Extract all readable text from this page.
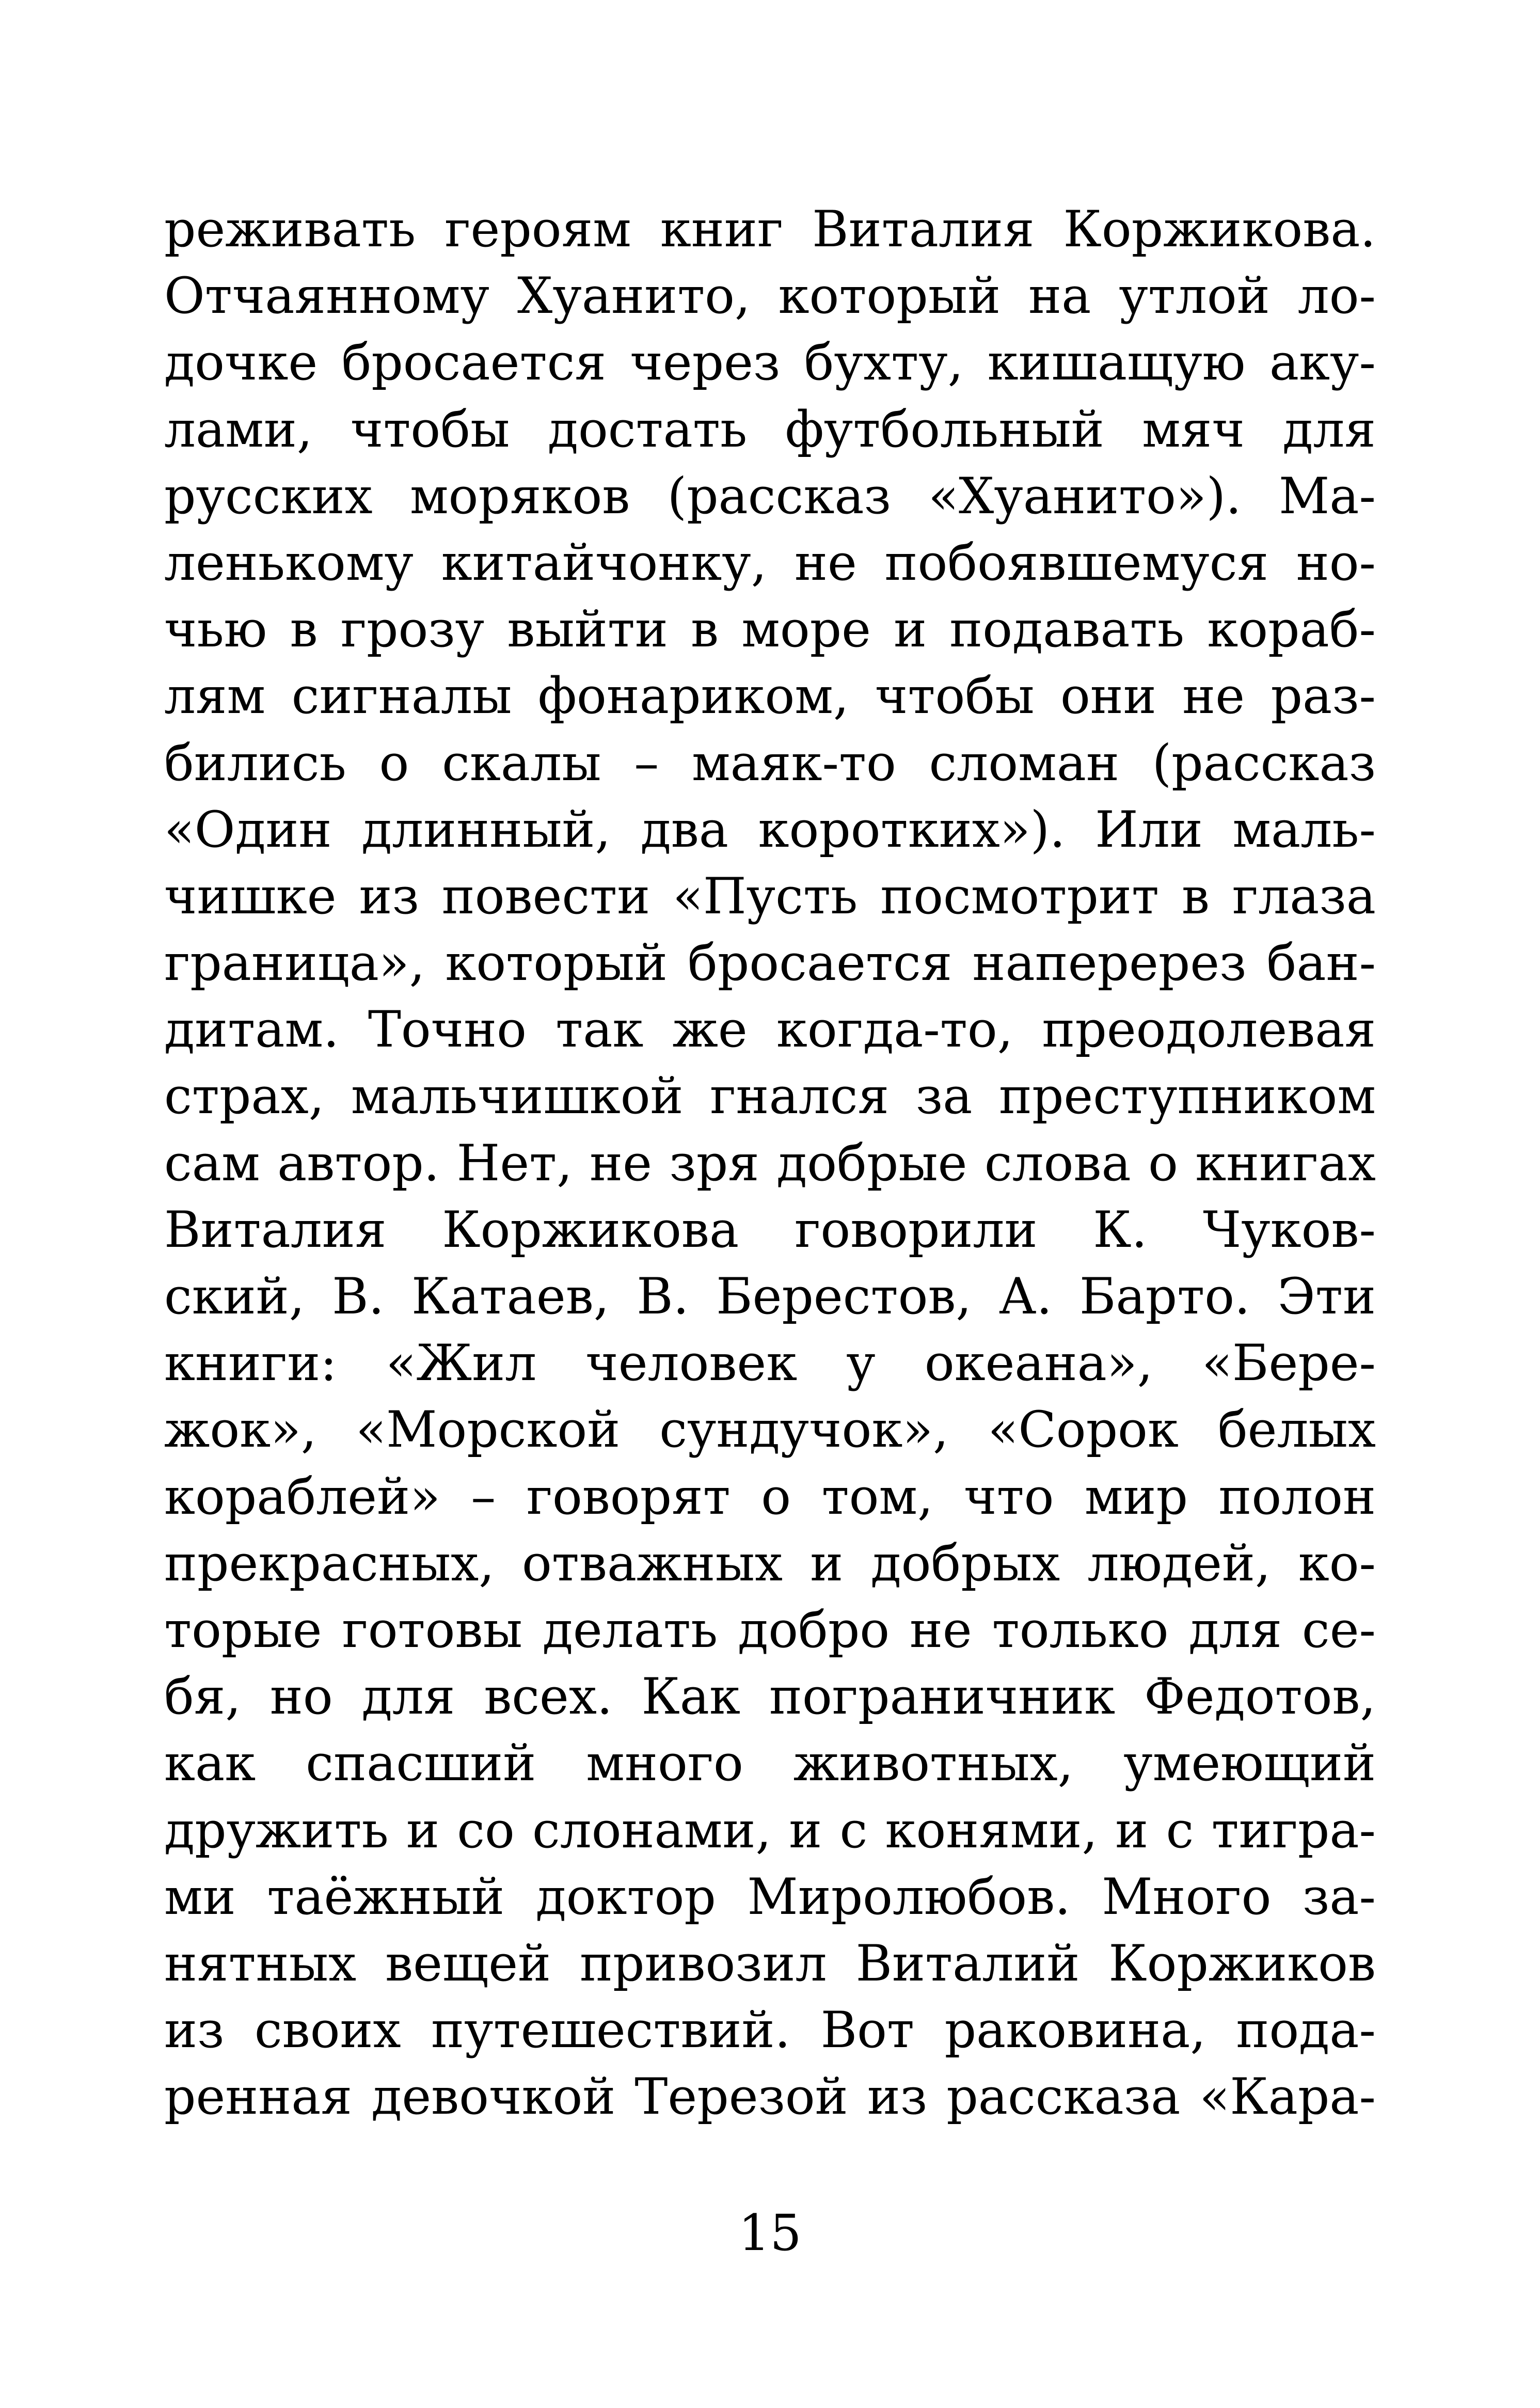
реживать героям книг Виталия Коржикова.
Отчаянному Хуанито, который на утлой ло-
дочке бросается через бухту, кишащую аку-
лами, чтобы достать футбольный мяч для
русских моряков (рассказ «Хуанито»). Ма-
ленькому китайчонку, не побоявшемуся но-
чью в грозу выйти в море и подавать кораб-
лям сигналы фонариком, чтобы они не раз-
бились о скалы – маяк-то сломан (рассказ
«Один длинный, два коротких»). Или маль-
чишке из повести «Пусть посмотрит в глаза
граница», который бросается наперерез бан-
дитам. Точно так же когда-то, преодолевая
страх, мальчишкой гнался за преступником
сам автор. Нет, не зря добрые слова о книгах
Виталия Коржикова говорили К. Чуков-
ский, В. Катаев, В. Берестов, А. Барто. Эти
книги: «Жил человек у океана», «Бере-
жок», «Морской сундучок», «Сорок белых
кораблей» – говорят о том, что мир полон
прекрасных, отважных и добрых людей, ко-
торые готовы делать добро не только для се-
бя, но для всех. Как пограничник Федотов,
как спасший много животных, умеющий
дружить и со слонами, и с конями, и с тигра-
ми таёжный доктор Миролюбов. Много за-
нятных вещей привозил Виталий Коржиков
из своих путешествий. Вот раковина, пода-
ренная девочкой Терезой из рассказа «Кара-
15
